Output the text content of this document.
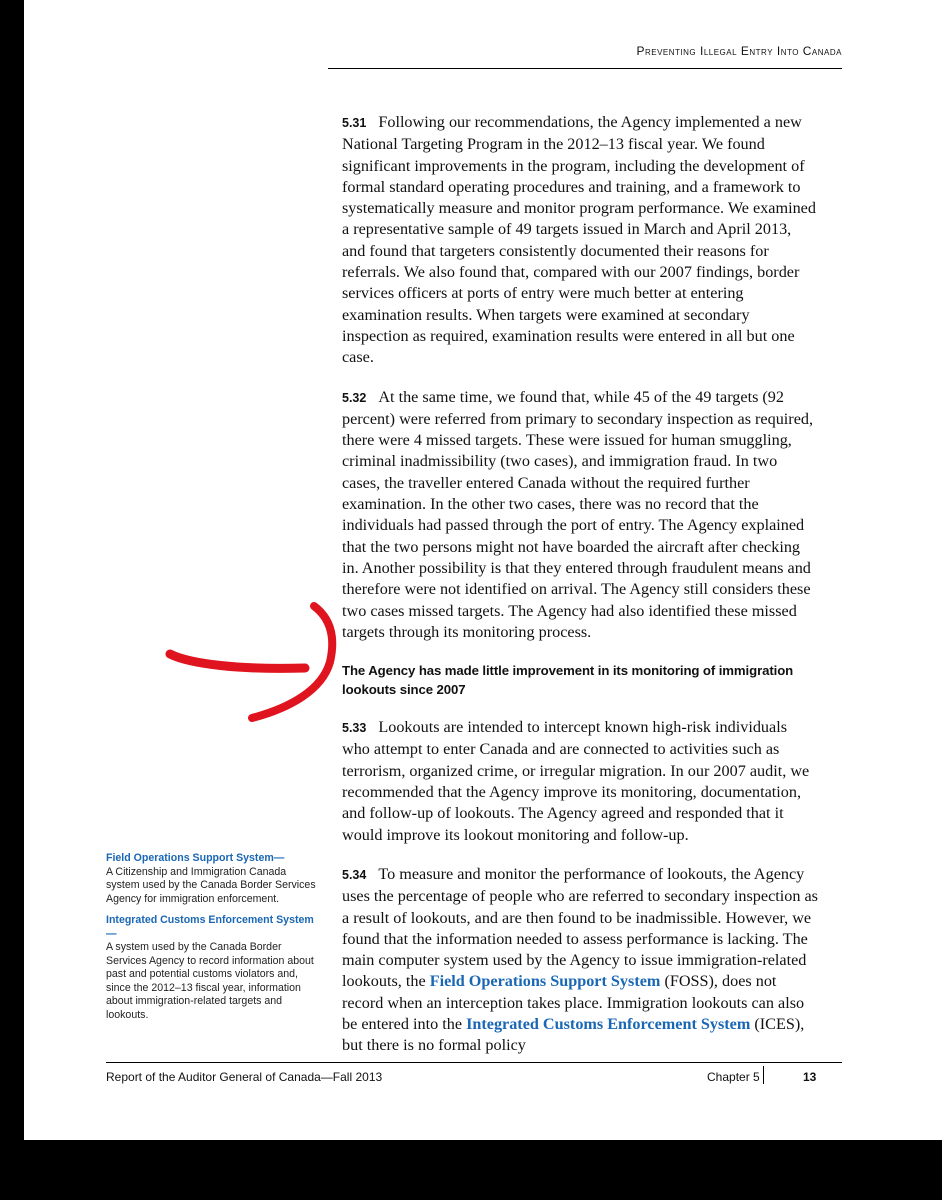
Preventing Illegal Entry Into Canada

5.31 Following our recommendations, the Agency implemented a new National Targeting Program in the 2012–13 fiscal year. We found significant improvements in the program, including the development of formal standard operating procedures and training, and a framework to systematically measure and monitor program performance. We examined a representative sample of 49 targets issued in March and April 2013, and found that targeters consistently documented their reasons for referrals. We also found that, compared with our 2007 findings, border services officers at ports of entry were much better at entering examination results. When targets were examined at secondary inspection as required, examination results were entered in all but one case.

5.32 At the same time, we found that, while 45 of the 49 targets (92 percent) were referred from primary to secondary inspection as required, there were 4 missed targets. These were issued for human smuggling, criminal inadmissibility (two cases), and immigration fraud. In two cases, the traveller entered Canada without the required further examination. In the other two cases, there was no record that the individuals had passed through the port of entry. The Agency explained that the two persons might not have boarded the aircraft after checking in. Another possibility is that they entered through fraudulent means and therefore were not identified on arrival. The Agency still considers these two cases missed targets. The Agency had also identified these missed targets through its monitoring process.

The Agency has made little improvement in its monitoring of immigration lookouts since 2007

5.33 Lookouts are intended to intercept known high-risk individuals who attempt to enter Canada and are connected to activities such as terrorism, organized crime, or irregular migration. In our 2007 audit, we recommended that the Agency improve its monitoring, documentation, and follow-up of lookouts. The Agency agreed and responded that it would improve its lookout monitoring and follow-up.

5.34 To measure and monitor the performance of lookouts, the Agency uses the percentage of people who are referred to secondary inspection as a result of lookouts, and are then found to be inadmissible. However, we found that the information needed to assess performance is lacking. The main computer system used by the Agency to issue immigration-related lookouts, the Field Operations Support System (FOSS), does not record when an interception takes place. Immigration lookouts can also be entered into the Integrated Customs Enforcement System (ICES), but there is no formal policy

Field Operations Support System—
A Citizenship and Immigration Canada system used by the Canada Border Services Agency for immigration enforcement.
Integrated Customs Enforcement System—
A system used by the Canada Border Services Agency to record information about past and potential customs violators and, since the 2012–13 fiscal year, information about immigration-related targets and lookouts.
Report of the Auditor General of Canada—Fall 2013	Chapter 5	13
